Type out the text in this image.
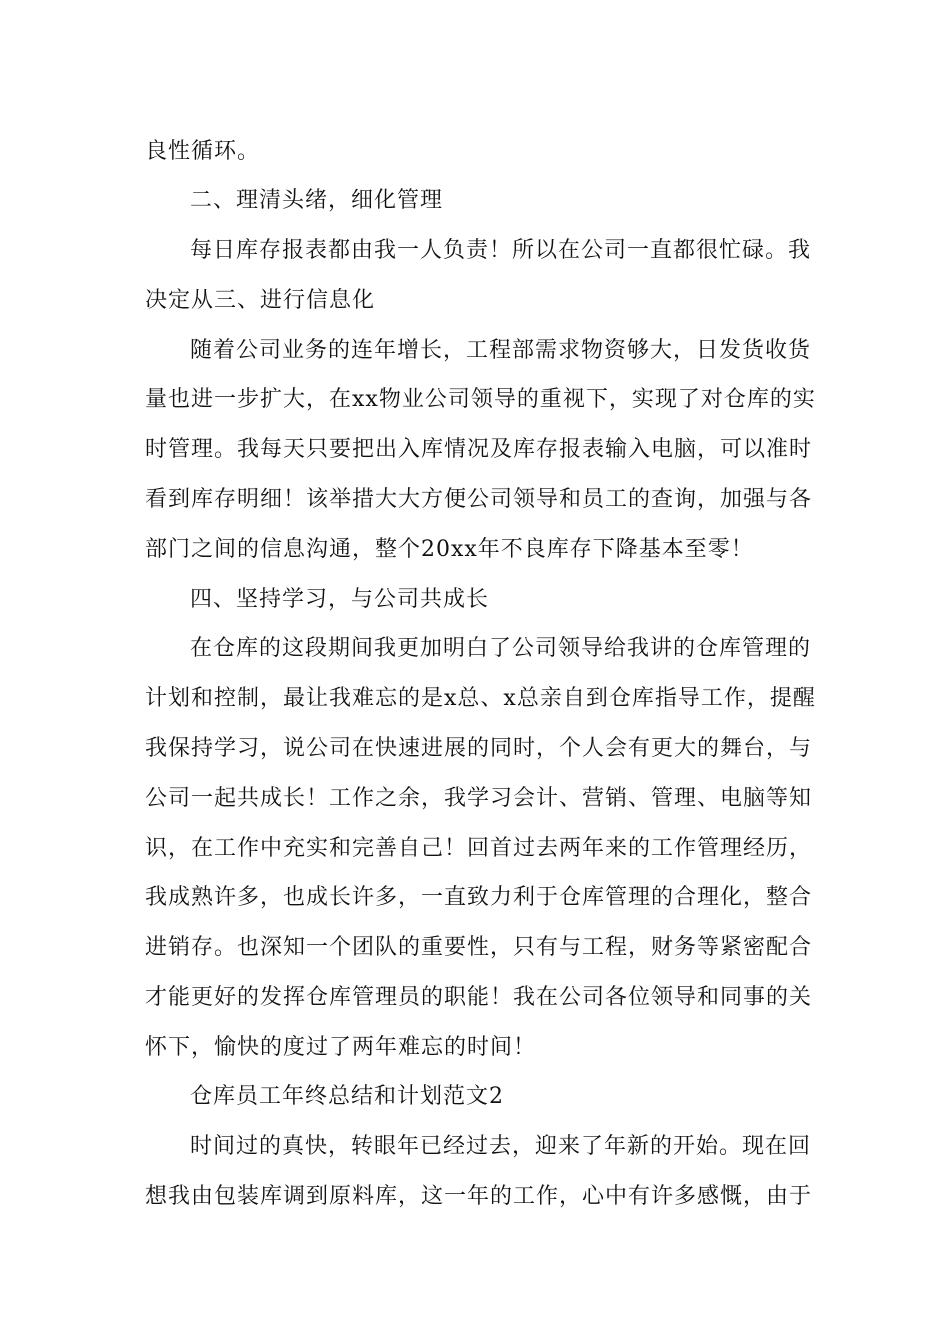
良性循环。
二、理清头绪，细化管理
每日库存报表都由我一人负责！所以在公司一直都很忙碌。我
决定从三、进行信息化
随着公司业务的连年增长，工程部需求物资够大，日发货收货
量也进一步扩大，在xx物业公司领导的重视下，实现了对仓库的实
时管理。我每天只要把出入库情况及库存报表输入电脑，可以准时
看到库存明细！该举措大大方便公司领导和员工的查询，加强与各
部门之间的信息沟通，整个20xx年不良库存下降基本至零！
四、坚持学习，与公司共成长
在仓库的这段期间我更加明白了公司领导给我讲的仓库管理的
计划和控制，最让我难忘的是x总、x总亲自到仓库指导工作，提醒
我保持学习，说公司在快速进展的同时，个人会有更大的舞台，与
公司一起共成长！工作之余，我学习会计、营销、管理、电脑等知
识，在工作中充实和完善自己！回首过去两年来的工作管理经历，
我成熟许多，也成长许多，一直致力利于仓库管理的合理化，整合
进销存。也深知一个团队的重要性，只有与工程，财务等紧密配合
才能更好的发挥仓库管理员的职能！我在公司各位领导和同事的关
怀下，愉快的度过了两年难忘的时间！
仓库员工年终总结和计划范文2
时间过的真快，转眼年已经过去，迎来了年新的开始。现在回
想我由包装库调到原料库，这一年的工作，心中有许多感慨，由于
